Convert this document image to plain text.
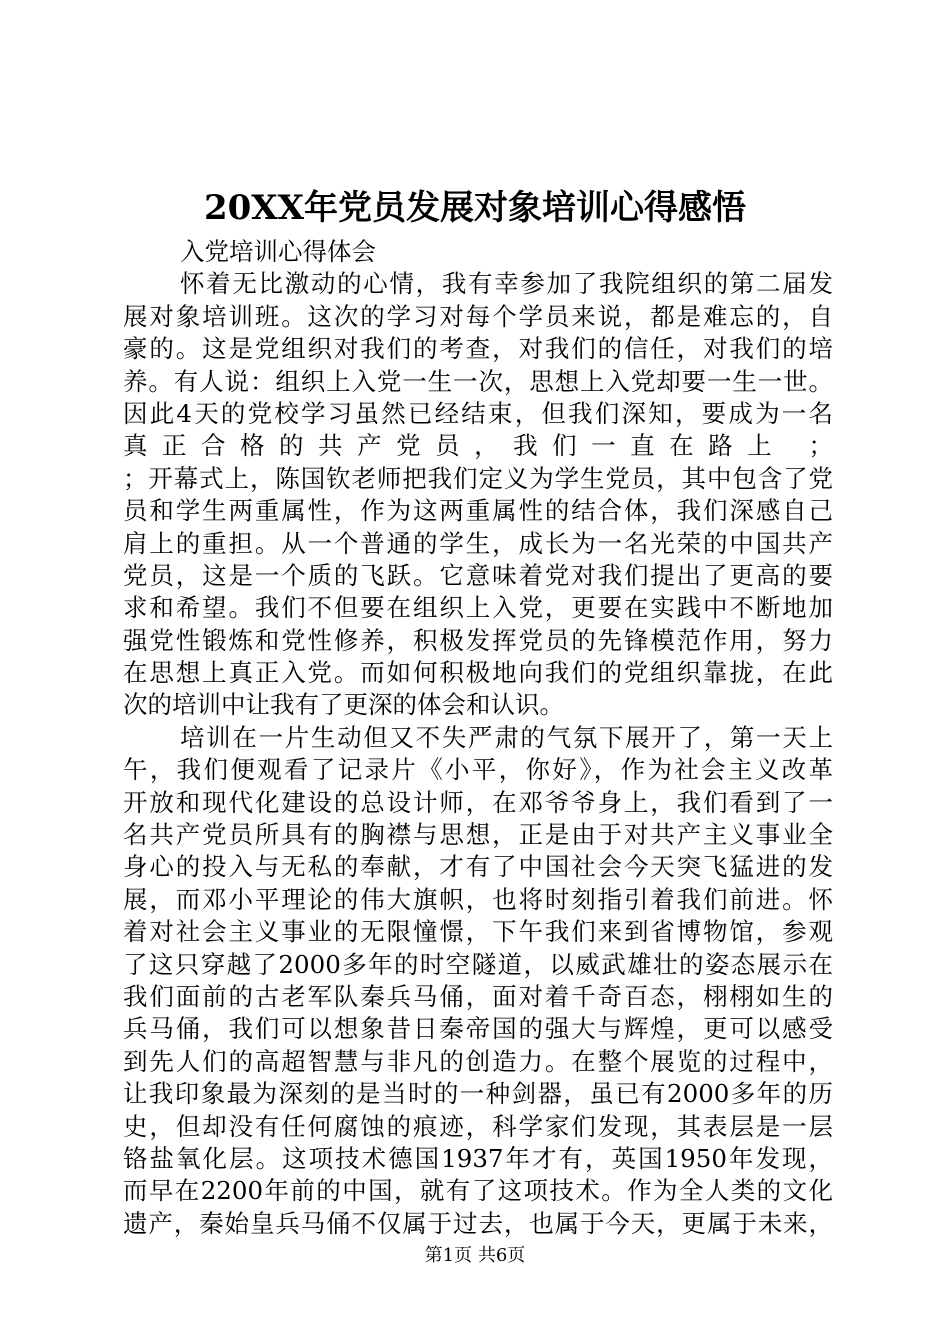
20XX年党员发展对象培训心得感悟
入党培训心得体会
怀着无比激动的心情，我有幸参加了我院组织的第二届发
展对象培训班。这次的学习对每个学员来说，都是难忘的，自
豪的。这是党组织对我们的考查，对我们的信任，对我们的培
养。有人说：组织上入党一生一次，思想上入党却要一生一世。
因此4天的党校学习虽然已经结束，但我们深知，要成为一名
真正合格的共产党员，我们一直在路上 ；
；开幕式上，陈国钦老师把我们定义为学生党员，其中包含了党
员和学生两重属性，作为这两重属性的结合体，我们深感自己
肩上的重担。从一个普通的学生，成长为一名光荣的中国共产
党员，这是一个质的飞跃。它意味着党对我们提出了更高的要
求和希望。我们不但要在组织上入党，更要在实践中不断地加
强党性锻炼和党性修养，积极发挥党员的先锋模范作用，努力
在思想上真正入党。而如何积极地向我们的党组织靠拢，在此
次的培训中让我有了更深的体会和认识。
培训在一片生动但又不失严肃的气氛下展开了，第一天上
午，我们便观看了记录片《小平，你好》，作为社会主义改革
开放和现代化建设的总设计师，在邓爷爷身上，我们看到了一
名共产党员所具有的胸襟与思想，正是由于对共产主义事业全
身心的投入与无私的奉献，才有了中国社会今天突飞猛进的发
展，而邓小平理论的伟大旗帜，也将时刻指引着我们前进。怀
着对社会主义事业的无限憧憬，下午我们来到省博物馆，参观
了这只穿越了2000多年的时空隧道，以威武雄壮的姿态展示在
我们面前的古老军队秦兵马俑，面对着千奇百态，栩栩如生的
兵马俑，我们可以想象昔日秦帝国的强大与辉煌，更可以感受
到先人们的高超智慧与非凡的创造力。在整个展览的过程中，
让我印象最为深刻的是当时的一种剑器，虽已有2000多年的历
史，但却没有任何腐蚀的痕迹，科学家们发现，其表层是一层
铬盐氧化层。这项技术德国1937年才有，英国1950年发现，
而早在2200年前的中国，就有了这项技术。作为全人类的文化
遗产，秦始皇兵马俑不仅属于过去，也属于今天，更属于未来，
第1页 共6页
